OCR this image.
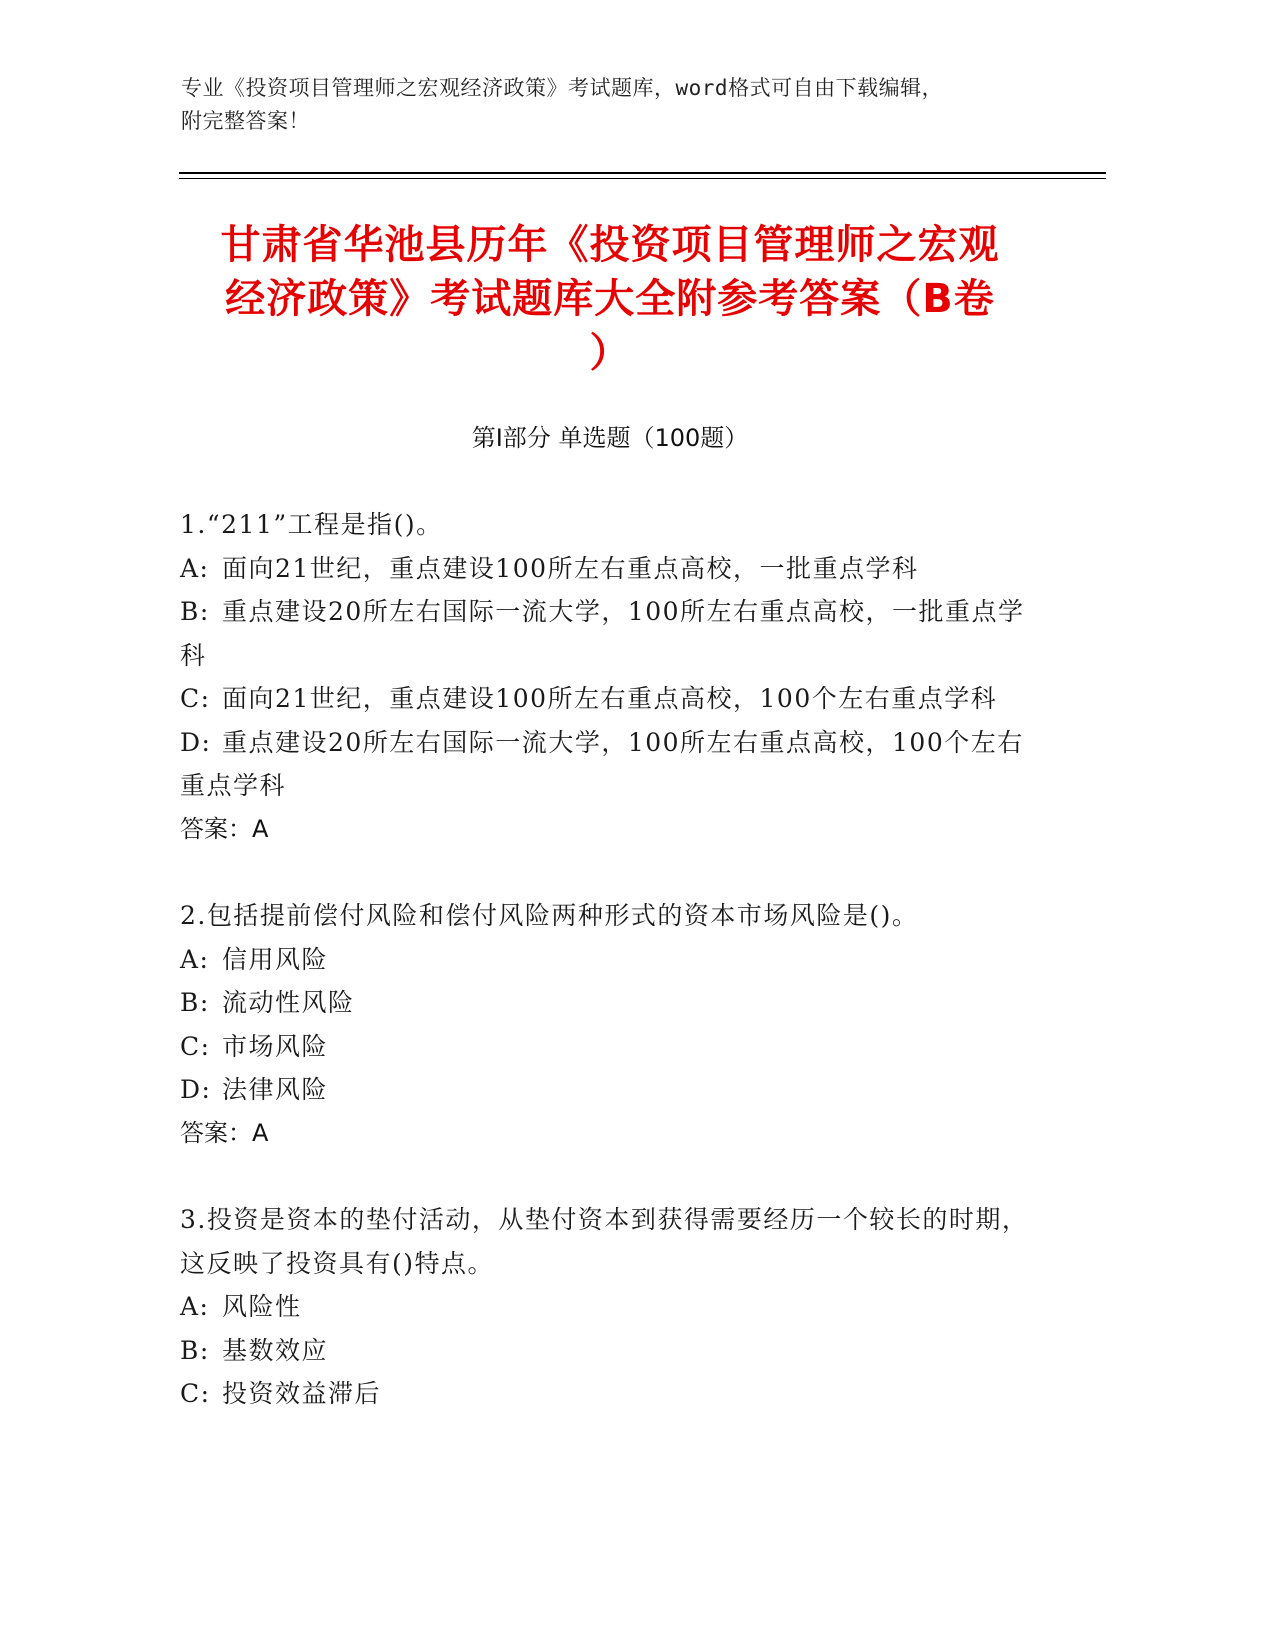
专业《投资项目管理师之宏观经济政策》考试题库，word格式可自由下载编辑，
附完整答案！
甘肃省华池县历年《投资项目管理师之宏观
经济政策》考试题库大全附参考答案（B卷
）
第Ⅰ部分 单选题（100题）
1.“211”工程是指()。
A: 面向21世纪，重点建设100所左右重点高校，一批重点学科
B: 重点建设20所左右国际一流大学，100所左右重点高校，一批重点学科
C: 面向21世纪，重点建设100所左右重点高校，100个左右重点学科
D: 重点建设20所左右国际一流大学，100所左右重点高校，100个左右重点学科
答案：A
2.包括提前偿付风险和偿付风险两种形式的资本市场风险是()。
A: 信用风险
B: 流动性风险
C: 市场风险
D: 法律风险
答案：A
3.投资是资本的垫付活动，从垫付资本到获得需要经历一个较长的时期，这反映了投资具有()特点。
A: 风险性
B: 基数效应
C: 投资效益滞后
